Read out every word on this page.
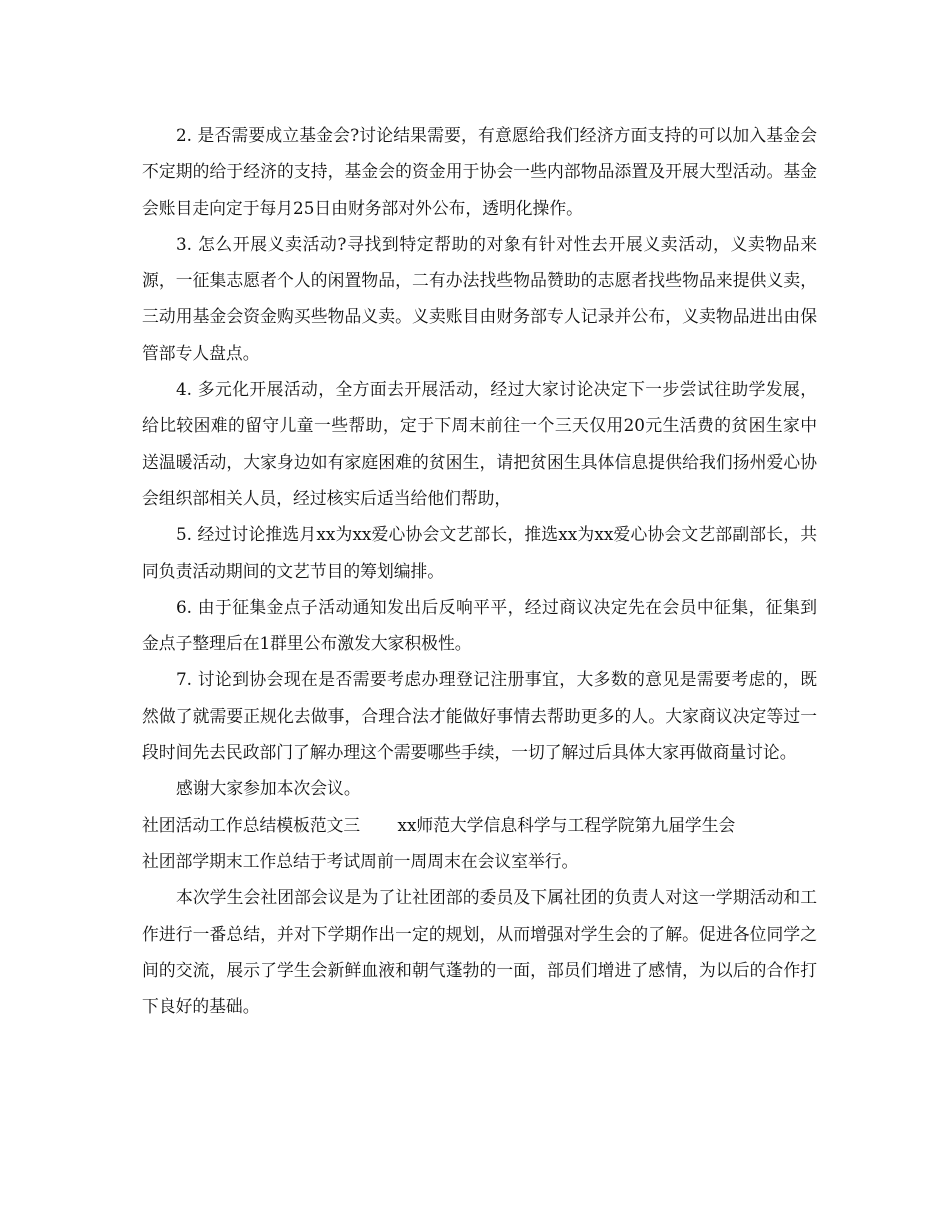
2. 是否需要成立基金会?讨论结果需要，有意愿给我们经济方面支持的可以加入基金会不定期的给于经济的支持，基金会的资金用于协会一些内部物品添置及开展大型活动。基金会账目走向定于每月25日由财务部对外公布，透明化操作。

3. 怎么开展义卖活动?寻找到特定帮助的对象有针对性去开展义卖活动，义卖物品来源，一征集志愿者个人的闲置物品，二有办法找些物品赞助的志愿者找些物品来提供义卖，三动用基金会资金购买些物品义卖。义卖账目由财务部专人记录并公布，义卖物品进出由保管部专人盘点。

4. 多元化开展活动，全方面去开展活动，经过大家讨论决定下一步尝试往助学发展，给比较困难的留守儿童一些帮助，定于下周末前往一个三天仅用20元生活费的贫困生家中送温暖活动，大家身边如有家庭困难的贫困生，请把贫困生具体信息提供给我们扬州爱心协会组织部相关人员，经过核实后适当给他们帮助，

5. 经过讨论推选月xx为xx爱心协会文艺部长，推选xx为xx爱心协会文艺部副部长，共同负责活动期间的文艺节目的筹划编排。

6. 由于征集金点子活动通知发出后反响平平，经过商议决定先在会员中征集，征集到金点子整理后在1群里公布激发大家积极性。

7. 讨论到协会现在是否需要考虑办理登记注册事宜，大多数的意见是需要考虑的，既然做了就需要正规化去做事，合理合法才能做好事情去帮助更多的人。大家商议决定等过一段时间先去民政部门了解办理这个需要哪些手续，一切了解过后具体大家再做商量讨论。

感谢大家参加本次会议。

社团活动工作总结模板范文三       xx师范大学信息科学与工程学院第九届学生会
社团部学期末工作总结于考试周前一周周末在会议室举行。

本次学生会社团部会议是为了让社团部的委员及下属社团的负责人对这一学期活动和工作进行一番总结，并对下学期作出一定的规划，从而增强对学生会的了解。促进各位同学之间的交流，展示了学生会新鲜血液和朝气蓬勃的一面，部员们增进了感情，为以后的合作打下良好的基础。
